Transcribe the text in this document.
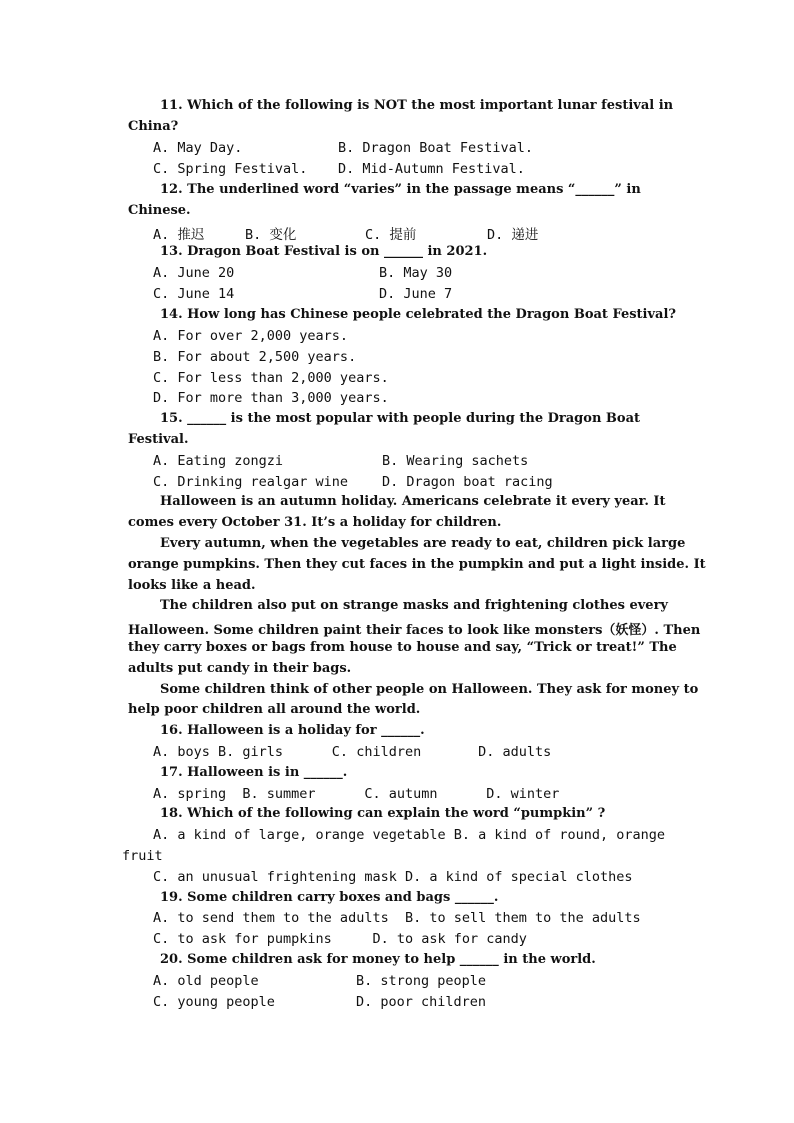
11. Which of the following is NOT the most important lunar festival in
China?
A. May Day.	B. Dragon Boat Festival.
C. Spring Festival. D. Mid-Autumn Festival.
12. The underlined word “varies” in the passage means “______” in
Chinese.
A. 推迟	B. 变化	C. 提前	D. 递进
13. Dragon Boat Festival is on ______ in 2021.
A. June 20	B. May 30
C. June 14	D. June 7
14. How long has Chinese people celebrated the Dragon Boat Festival?
A. For over 2,000 years.
B. For about 2,500 years.
C. For less than 2,000 years.
D. For more than 3,000 years.
15. ______ is the most popular with people during the Dragon Boat
Festival.
A. Eating zongzi	B. Wearing sachets
C. Drinking realgar wine	D. Dragon boat racing
Halloween is an autumn holiday. Americans celebrate it every year. It
comes every October 31. It’s a holiday for children.
Every autumn, when the vegetables are ready to eat, children pick large
orange pumpkins. Then they cut faces in the pumpkin and put a light inside. It
looks like a head.
The children also put on strange masks and frightening clothes every
Halloween. Some children paint their faces to look like monsters（妖怪）. Then
they carry boxes or bags from house to house and say, “Trick or treat!” The
adults put candy in their bags.
Some children think of other people on Halloween. They ask for money to
help poor children all around the world.
16. Halloween is a holiday for ______.
A. boys B. girls      C. children       D. adults
17. Halloween is in ______.
A. spring  B. summer      C. autumn      D. winter
18. Which of the following can explain the word “pumpkin” ?
A. a kind of large, orange vegetable B. a kind of round, orange
fruit
C. an unusual frightening mask D. a kind of special clothes
19. Some children carry boxes and bags ______.
A. to send them to the adults  B. to sell them to the adults
C. to ask for pumpkins     D. to ask for candy
20. Some children ask for money to help ______ in the world.
A. old people	B. strong people
C. young people	D. poor children
